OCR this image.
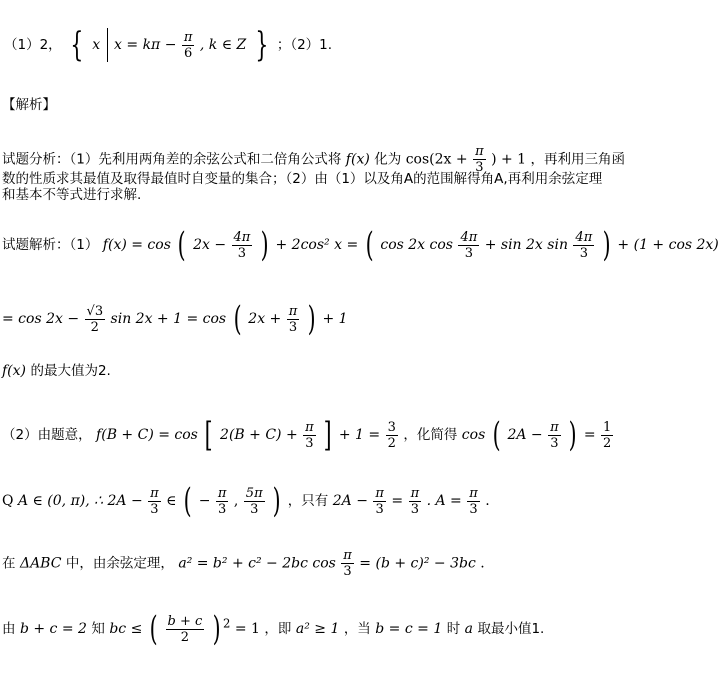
（1）2， { x $x = k\pi - \frac{\pi}{6}$ , k ∈ Z } ；（2）1.
【解析】
试题分析：（1）先利用两角差的余弦公式和二倍角公式将 f(x) 化为 $\cos(2x + \frac{\pi}{3}$ ) + 1 ，再利用三角函
数的性质求其最值及取得最值时自变量的集合；（2）由（1）以及角A的范围解得角A,再利用余弦定理
和基本不等式进行求解.
试题解析：（1） f(x) = cos ( $2x - \frac{4\pi}{3}$ ) + 2cos² x = ( cos 2x $\cos \frac{4\pi}{3} + \sin 2x$ $\sin \frac{4\pi}{3}$ ) + (1 + cos 2x)
= $\cos 2x - \frac{√3}{2}$ sin 2x + 1 = cos ( $2x + \frac{\pi}{3}$ ) + 1
f(x) 的最大值为2.
（2）由题意， f(B + C) = cos [ $2(B + C) + \frac{\pi}{3}$ ] + $1 = \frac{3}{2}$ ，化简得 cos ( $2A - \frac{\pi}{3}$ ) = $\frac{1}{2}$
Q A ∈ (0, π), ∴ $2A - \frac{\pi}{3}$ ∈ ( − $\frac{\pi}{3}$ , $\frac{5\pi}{3}$ ) ，只有 $2A - \frac{\pi}{3} = \frac{\pi}{3}$ . $A = \frac{\pi}{3}$ .
在 ΔABC 中，由余弦定理， a² = b² + c² − 2bc $\cos \frac{\pi}{3} = (b + c)^2 - 3bc$ .
由 b + c = 2 知 bc ≤ ( $\frac{b + c}{2}$ ) $^2$ = 1 ，即 a² ≥ 1 ，当 b = c = 1 时 a 取最小值1.
